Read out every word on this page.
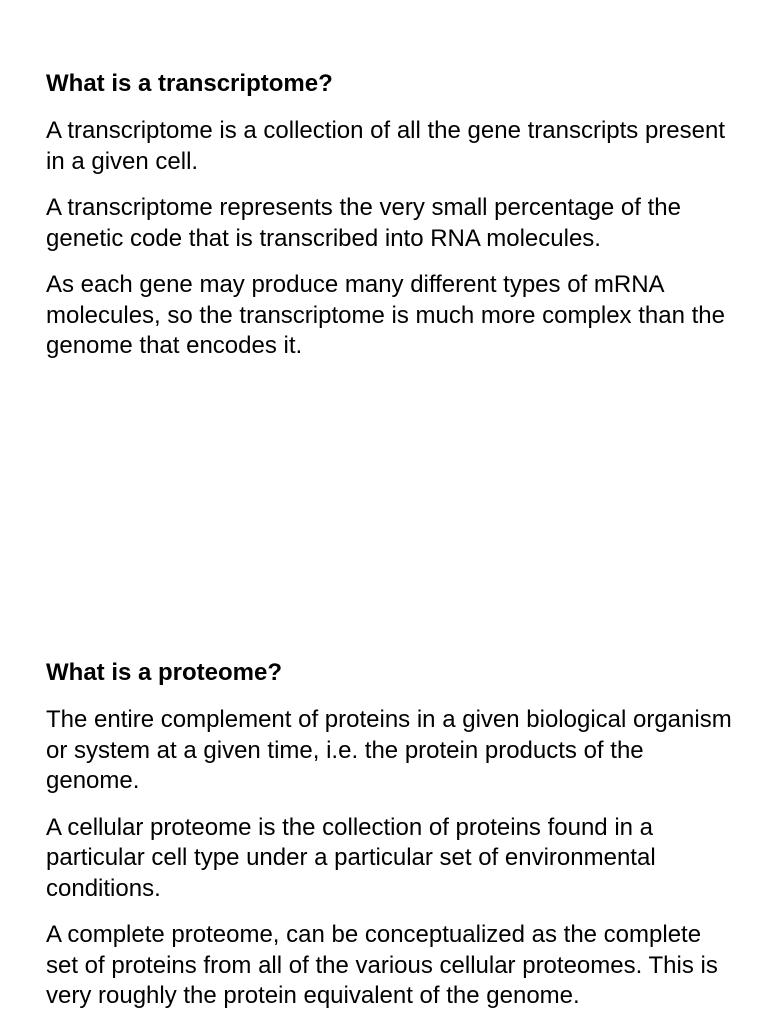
What is a transcriptome?
A transcriptome is a collection of all the gene transcripts present in a given cell.
A transcriptome represents the very small percentage of the genetic code that is transcribed into RNA molecules.
As each gene may produce many different types of mRNA molecules, so the transcriptome is much more complex than the genome that encodes it.
What is a proteome?
The entire complement of proteins in a given biological organism or system at a given time, i.e. the protein products of the genome.
A cellular proteome is the collection of proteins found in a particular cell type under a particular set of environmental conditions.
A complete proteome, can be conceptualized as the complete set of proteins from all of the various cellular proteomes. This is very roughly the protein equivalent of the genome.
